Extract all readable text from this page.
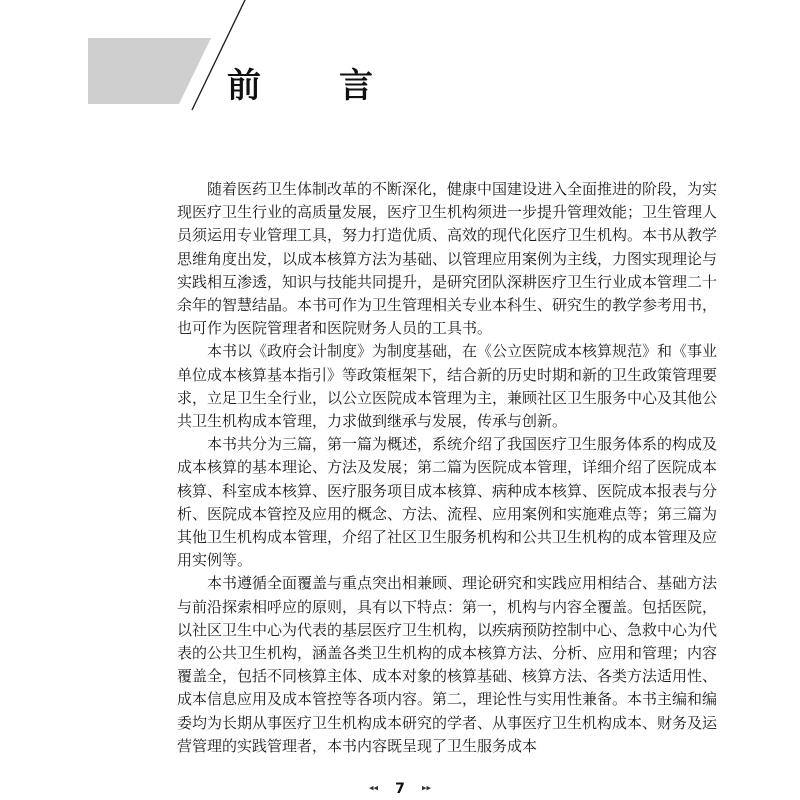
前　言

随着医药卫生体制改革的不断深化，健康中国建设进入全面推进的阶段，为实现医疗卫生行业的高质量发展，医疗卫生机构须进一步提升管理效能；卫生管理人员须运用专业管理工具，努力打造优质、高效的现代化医疗卫生机构。本书从教学思维角度出发，以成本核算方法为基础、以管理应用案例为主线，力图实现理论与实践相互渗透，知识与技能共同提升，是研究团队深耕医疗卫生行业成本管理二十余年的智慧结晶。本书可作为卫生管理相关专业本科生、研究生的教学参考用书，也可作为医院管理者和医院财务人员的工具书。

本书以《政府会计制度》为制度基础，在《公立医院成本核算规范》和《事业单位成本核算基本指引》等政策框架下，结合新的历史时期和新的卫生政策管理要求，立足卫生全行业，以公立医院成本管理为主，兼顾社区卫生服务中心及其他公共卫生机构成本管理，力求做到继承与发展，传承与创新。

本书共分为三篇，第一篇为概述，系统介绍了我国医疗卫生服务体系的构成及成本核算的基本理论、方法及发展；第二篇为医院成本管理，详细介绍了医院成本核算、科室成本核算、医疗服务项目成本核算、病种成本核算、医院成本报表与分析、医院成本管控及应用的概念、方法、流程、应用案例和实施难点等；第三篇为其他卫生机构成本管理，介绍了社区卫生服务机构和公共卫生机构的成本管理及应用实例等。

本书遵循全面覆盖与重点突出相兼顾、理论研究和实践应用相结合、基础方法与前沿探索相呼应的原则，具有以下特点：第一，机构与内容全覆盖。包括医院，以社区卫生中心为代表的基层医疗卫生机构，以疾病预防控制中心、急救中心为代表的公共卫生机构，涵盖各类卫生机构的成本核算方法、分析、应用和管理；内容覆盖全，包括不同核算主体、成本对象的核算基础、核算方法、各类方法适用性、成本信息应用及成本管控等各项内容。第二，理论性与实用性兼备。本书主编和编委均为长期从事医疗卫生机构成本研究的学者、从事医疗卫生机构成本、财务及运营管理的实践管理者，本书内容既呈现了卫生服务成本

◂◂ 7 ▸▸
